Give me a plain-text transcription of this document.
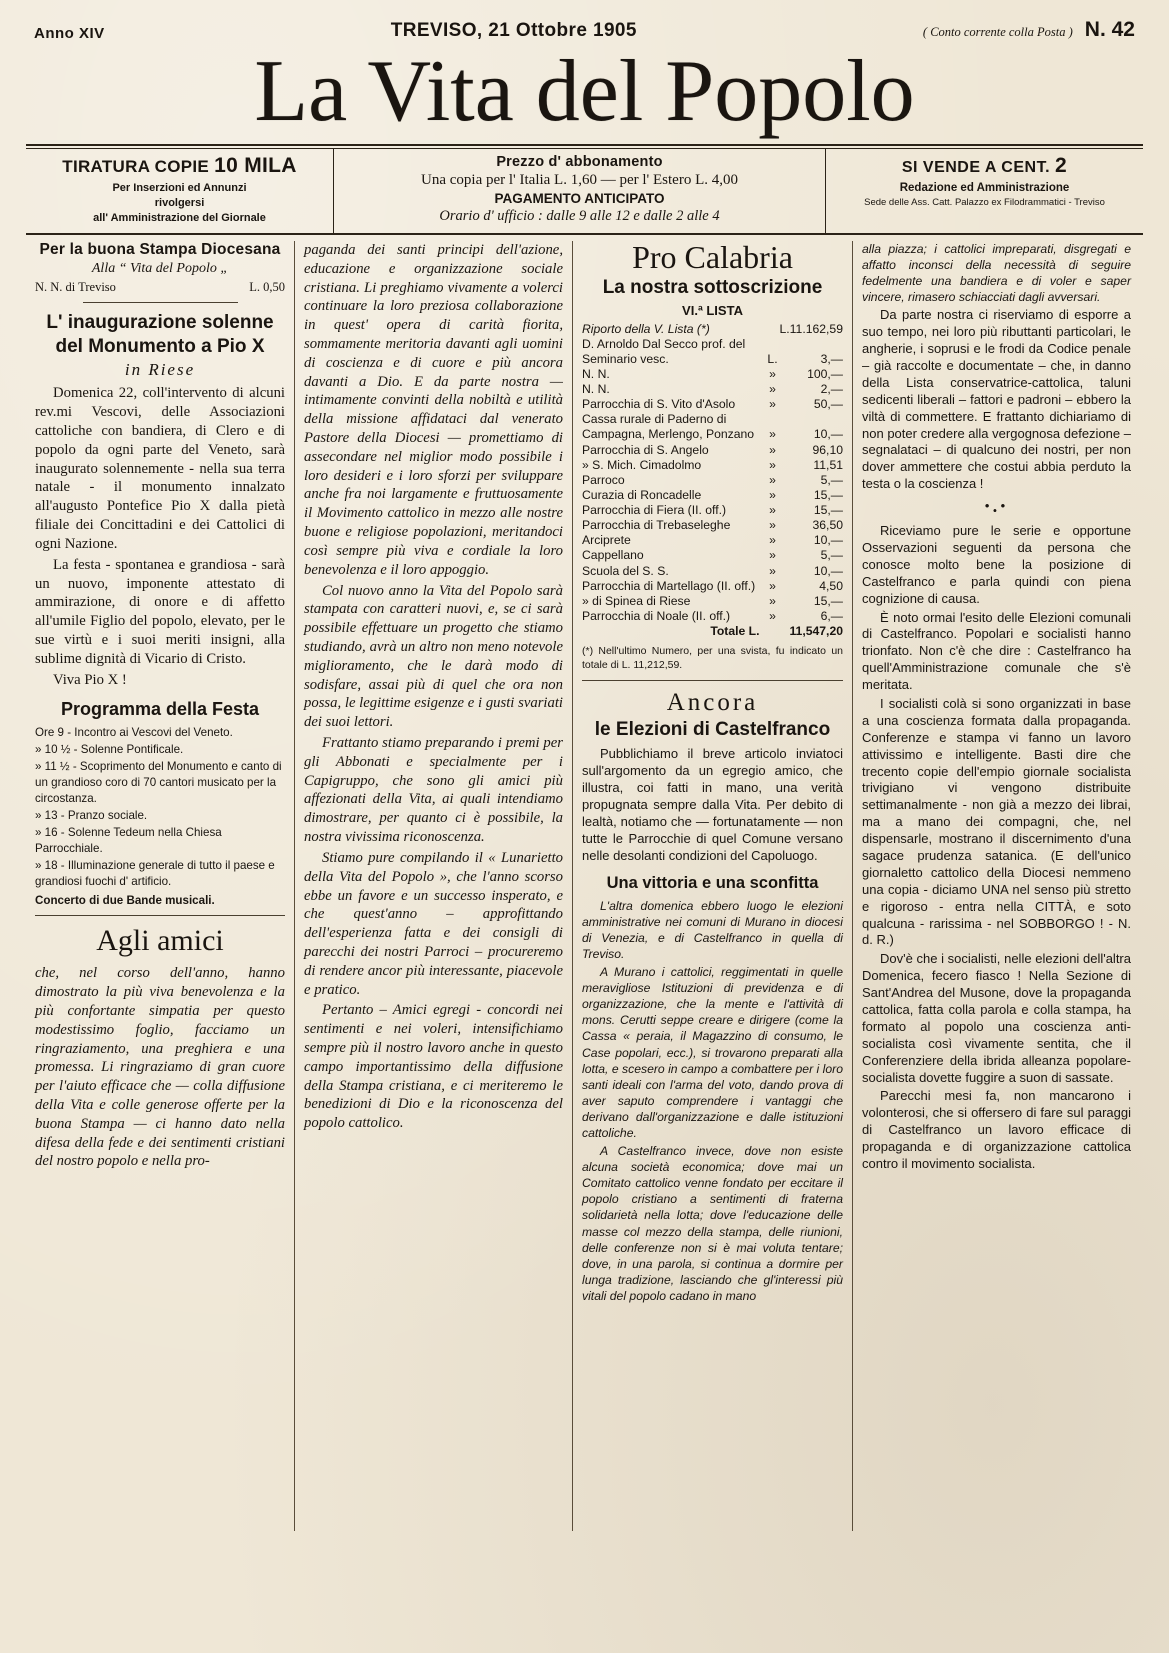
Anno XIV	TREVISO, 21 Ottobre 1905	( Conto corrente colla Posta ) N. 42
La Vita del Popolo
TIRATURA COPIE 10 MILA
Per Inserzioni ed Annunzi
rivolgersi
all' Amministrazione del Giornale
Prezzo d' abbonamento
Una copia per l' Italia L. 1,60 — per l' Estero L. 4,00
PAGAMENTO ANTICIPATO
Orario d' ufficio : dalle 9 alle 12 e dalle 2 alle 4
SI VENDE A CENT. 2
Redazione ed Amministrazione
Sede delle Ass. Catt. Palazzo ex Filodrammatici - Treviso
Per la buona Stampa Diocesana
Alla “ Vita del Popolo „
N. N. di Treviso	L. 0,50
L' inaugurazione solenne
del Monumento a Pio X
in Riese

Domenica 22, coll'intervento di alcuni rev.mi Vescovi, delle Associazioni cattoliche con bandiera, di Clero e di popolo da ogni parte del Veneto, sarà inaugurato solennemente - nella sua terra natale - il monumento innalzato all'augusto Pontefice Pio X dalla pietà filiale dei Concittadini e dei Cattolici di ogni Nazione.

La festa - spontanea e grandiosa - sarà un nuovo, imponente attestato di ammirazione, di onore e di affetto all'umile Figlio del popolo, elevato, per le sue virtù e i suoi meriti insigni, alla sublime dignità di Vicario di Cristo.

Viva Pio X !

Programma della Festa
Ore 9 - Incontro ai Vescovi del Veneto.
» 10 ½ - Solenne Pontificale.
» 11 ½ - Scoprimento del Monumento e canto di un grandioso coro di 70 cantori musicato per la circostanza.
» 13 - Pranzo sociale.
» 16 - Solenne Tedeum nella Chiesa Parrocchiale.
» 18 - Illuminazione generale di tutto il paese e grandiosi fuochi d' artificio.
Concerto di due Bande musicali.
Agli amici

che, nel corso dell'anno, hanno dimostrato la più viva benevolenza e la più confortante simpatia per questo modestissimo foglio, facciamo un ringraziamento, una preghiera e una promessa. Li ringraziamo di gran cuore per l'aiuto efficace che — colla diffusione della Vita e colle generose offerte per la buona Stampa — ci hanno dato nella difesa della fede e dei sentimenti cristiani del nostro popolo e nella pro-

paganda dei santi principi dell'azione, educazione e organizzazione sociale cristiana. Li preghiamo vivamente a volerci continuare la loro preziosa collaborazione in quest' opera di carità fiorita, sommamente meritoria davanti agli uomini di coscienza e di cuore e più ancora davanti a Dio. E da parte nostra — intimamente convinti della nobiltà e utilità della missione affidataci dal venerato Pastore della Diocesi — promettiamo di assecondare nel miglior modo possibile i loro desideri e i loro sforzi per sviluppare anche fra noi largamente e fruttuosamente il Movimento cattolico in mezzo alle nostre buone e religiose popolazioni, meritandoci così sempre più viva e cordiale la loro benevolenza e il loro appoggio.

Col nuovo anno la Vita del Popolo sarà stampata con caratteri nuovi, e, se ci sarà possibile effettuare un progetto che stiamo studiando, avrà un altro non meno notevole miglioramento, che le darà modo di sodisfare, assai più di quel che ora non possa, le legittime esigenze e i gusti svariati dei suoi lettori.

Frattanto stiamo preparando i premi per gli Abbonati e specialmente per i Capigruppo, che sono gli amici più affezionati della Vita, ai quali intendiamo dimostrare, per quanto ci è possibile, la nostra vivissima riconoscenza.

Stiamo pure compilando il « Lunarietto della Vita del Popolo », che l'anno scorso ebbe un favore e un successo insperato, e che quest'anno – approfittando dell'esperienza fatta e dei consigli di parecchi dei nostri Parroci – procureremo di rendere ancor più interessante, piacevole e pratico.

Pertanto – Amici egregi - concordi nei sentimenti e nei voleri, intensifichiamo sempre più il nostro lavoro anche in questo campo importantissimo della diffusione della Stampa cristiana, e ci meriteremo le benedizioni di Dio e la riconoscenza del popolo cattolico.

Pro Calabria
La nostra sottoscrizione
VI.ª LISTA
Riporto della V. Lista (*)		L.11.162,59
D. Arnoldo Dal Secco prof. del Seminario vesc.	L.	3,—
N. N.	»	100,—
N. N.	»	2,—
Parrocchia di S. Vito d'Asolo	»	50,—
Cassa rurale di Paderno di Campagna, Merlengo, Ponzano	»	10,—
Parrocchia di S. Angelo	»	96,10
» S. Mich. Cimadolmo	»	11,51
Parroco	»	5,—
Curazia di Roncadelle	»	15,—
Parrocchia di Fiera (II. off.)	»	15,—
Parrocchia di Trebaseleghe	»	36,50
Arciprete	»	10,—
Cappellano	»	5,—
Scuola del S. S.	»	10,—
Parrocchia di Martellago (II. off.)	»	4,50
» di Spinea di Riese	»	15,—
Parrocchia di Noale (II. off.)	»	6,—
Totale L.		11,547,20
(*) Nell'ultimo Numero, per una svista, fu indicato un totale di L. 11,212,59.
Ancora
le Elezioni di Castelfranco

Pubblichiamo il breve articolo inviatoci sull'argomento da un egregio amico, che illustra, coi fatti in mano, una verità propugnata sempre dalla Vita. Per debito di lealtà, notiamo che — fortunatamente — non tutte le Parrocchie di quel Comune versano nelle desolanti condizioni del Capoluogo.

Una vittoria e una sconfitta

L'altra domenica ebbero luogo le elezioni amministrative nei comuni di Murano in diocesi di Venezia, e di Castelfranco in quella di Treviso.

A Murano i cattolici, reggimentati in quelle meravigliose Istituzioni di previdenza e di organizzazione, che la mente e l'attività di mons. Cerutti seppe creare e dirigere (come la Cassa « peraia, il Magazzino di consumo, le Case popolari, ecc.), si trovarono preparati alla lotta, e scesero in campo a combattere per i loro santi ideali con l'arma del voto, dando prova di aver saputo comprendere i vantaggi che derivano dall'organizzazione e dalle istituzioni cattoliche.

A Castelfranco invece, dove non esiste alcuna società economica; dove mai un Comitato cattolico venne fondato per eccitare il popolo cristiano a sentimenti di fraterna solidarietà nella lotta; dove l'educazione delle masse col mezzo della stampa, delle riunioni, delle conferenze non si è mai voluta tentare; dove, in una parola, si continua a dormire per lunga tradizione, lasciando che gl'interessi più vitali del popolo cadano in mano

alla piazza; i cattolici impreparati, disgregati e affatto inconsci della necessità di seguire fedelmente una bandiera e di voler e saper vincere, rimasero schiacciati dagli avversari.

Da parte nostra ci riserviamo di esporre a suo tempo, nei loro più ributtanti particolari, le angherie, i soprusi e le frodi da Codice penale – già raccolte e documentate – che, in danno della Lista conservatrice-cattolica, taluni sedicenti liberali – fattori e padroni – ebbero la viltà di commettere. E frattanto dichiariamo di non poter credere alla vergognosa defezione – segnalataci – di qualcuno dei nostri, per non dover ammettere che costui abbia perduto la testa o la coscienza !

$•_••$

Riceviamo pure le serie e opportune Osservazioni seguenti da persona che conosce molto bene la posizione di Castelfranco e parla quindi con piena cognizione di causa.

È noto ormai l'esito delle Elezioni comunali di Castelfranco. Popolari e socialisti hanno trionfato. Non c'è che dire : Castelfranco ha quell'Amministrazione comunale che s'è meritata.

I socialisti colà si sono organizzati in base a una coscienza formata dalla propaganda. Conferenze e stampa vi fanno un lavoro attivissimo e intelligente. Basti dire che trecento copie dell'empio giornale socialista trivigiano vi vengono distribuite settimanalmente - non già a mezzo dei librai, ma a mano dei compagni, che, nel dispensarle, mostrano il discernimento d'una sagace prudenza satanica. (E dell'unico giornaletto cattolico della Diocesi nemmeno una copia - diciamo UNA nel senso più stretto e rigoroso - entra nella CITTÀ, e soto qualcuna - rarissima - nel SOBBORGO ! - N. d. R.)

Dov'è che i socialisti, nelle elezioni dell'altra Domenica, fecero fiasco ! Nella Sezione di Sant'Andrea del Musone, dove la propaganda cattolica, fatta colla parola e colla stampa, ha formato al popolo una coscienza anti-socialista così vivamente sentita, che il Conferenziere della ibrida alleanza popolare-socialista dovette fuggire a suon di sassate.

Parecchi mesi fa, non mancarono i volonterosi, che si offersero di fare sul paraggi di Castelfranco un lavoro efficace di propaganda e di organizzazione cattolica contro il movimento socialista.
